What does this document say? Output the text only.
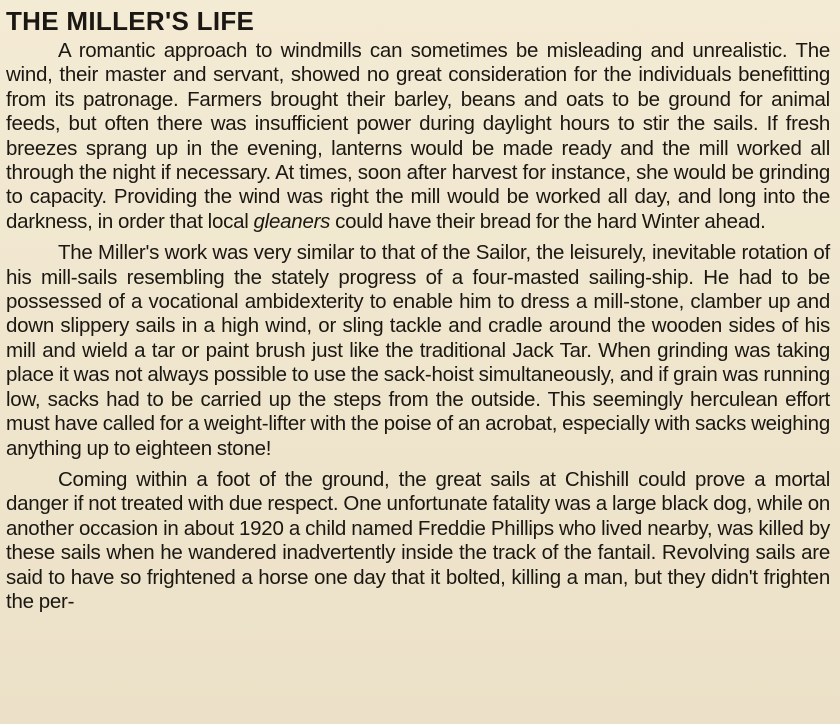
THE MILLER'S LIFE

A romantic approach to windmills can sometimes be misleading and unrealistic. The wind, their master and servant, showed no great consideration for the individuals benefitting from its patronage. Farmers brought their barley, beans and oats to be ground for animal feeds, but often there was insufficient power during daylight hours to stir the sails. If fresh breezes sprang up in the evening, lanterns would be made ready and the mill worked all through the night if necessary. At times, soon after harvest for instance, she would be grinding to capacity. Providing the wind was right the mill would be worked all day, and long into the darkness, in order that local gleaners could have their bread for the hard Winter ahead.

The Miller's work was very similar to that of the Sailor, the leisurely, inevitable rotation of his mill-sails resembling the stately progress of a four-masted sailing-ship. He had to be possessed of a vocational ambidexterity to enable him to dress a mill-stone, clamber up and down slippery sails in a high wind, or sling tackle and cradle around the wooden sides of his mill and wield a tar or paint brush just like the traditional Jack Tar. When grinding was taking place it was not always possible to use the sack-hoist simultaneously, and if grain was running low, sacks had to be carried up the steps from the outside. This seemingly herculean effort must have called for a weight-lifter with the poise of an acrobat, especially with sacks weighing anything up to eighteen stone!

Coming within a foot of the ground, the great sails at Chishill could prove a mortal danger if not treated with due respect. One unfortunate fatality was a large black dog, while on another occasion in about 1920 a child named Freddie Phillips who lived nearby, was killed by these sails when he wandered inadvertently inside the track of the fantail. Revolving sails are said to have so frightened a horse one day that it bolted, killing a man, but they didn't frighten the per-
